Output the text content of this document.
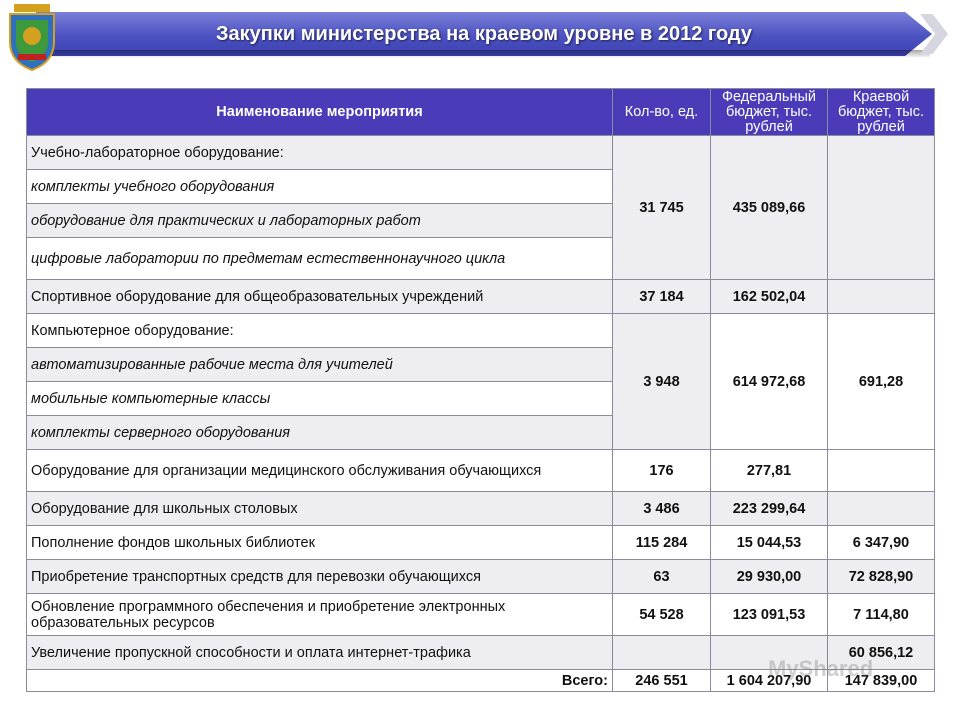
Закупки министерства на краевом уровне в 2012 году
Наименование мероприятия	Кол-во, ед.	Федеральный бюджет, тыс. рублей	Краевой бюджет, тыс. рублей
Учебно-лабораторное оборудование:	31 745	435 089,66	
комплекты учебного оборудования			
оборудование для практических и лабораторных работ			
цифровые лаборатории по предметам естественнонаучного цикла			
Спортивное оборудование для общеобразовательных учреждений	37 184	162 502,04	
Компьютерное оборудование:	3 948	614 972,68	691,28
автоматизированные рабочие места для учителей			
мобильные компьютерные классы			
комплекты серверного оборудования			
Оборудование для организации медицинского обслуживания обучающихся	176	277,81	
Оборудование для школьных столовых	3 486	223 299,64	
Пополнение фондов школьных библиотек	115 284	15 044,53	6 347,90
Приобретение транспортных средств для перевозки обучающихся	63	29 930,00	72 828,90
Обновление программного обеспечения и приобретение электронных образовательных ресурсов	54 528	123 091,53	7 114,80
Увеличение пропускной способности и оплата интернет-трафика			60 856,12
Всего:	246 551	1 604 207,90	147 839,00
MyShared
